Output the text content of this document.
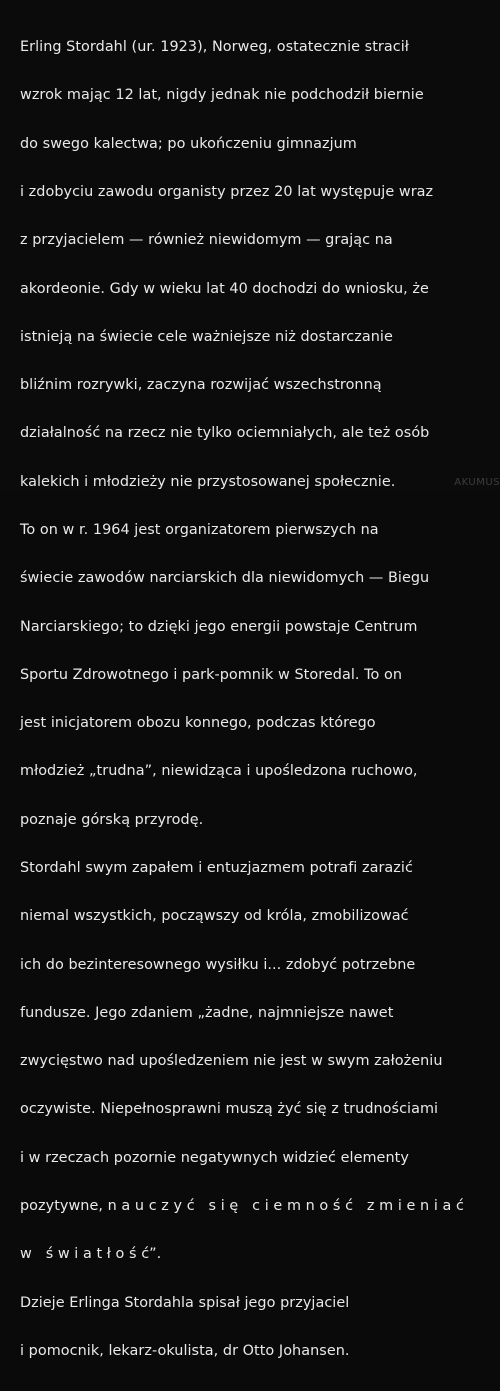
Erling Stordahl (ur. 1923), Norweg, ostatecznie stracił

wzrok mając 12 lat, nigdy jednak nie podchodził biernie

do swego kalectwa; po ukończeniu gimnazjum

i zdobyciu zawodu organisty przez 20 lat występuje wraz

z przyjacielem — również niewidomym — grając na

akordeonie. Gdy w wieku lat 40 dochodzi do wniosku, że

istnieją na świecie cele ważniejsze niż dostarczanie

bliźnim rozrywki, zaczyna rozwijać wszechstronną

działalność na rzecz nie tylko ociemniałych, ale też osób

kalekich i młodzieży nie przystosowanej społecznie.

To on w r. 1964 jest organizatorem pierwszych na

świecie zawodów narciarskich dla niewidomych — Biegu

Narciarskiego; to dzięki jego energii powstaje Centrum

Sportu Zdrowotnego i park-pomnik w Storedal. To on

jest inicjatorem obozu konnego, podczas którego

młodzież „trudna”, niewidząca i upośledzona ruchowo,

poznaje górską przyrodę.

Stordahl swym zapałem i entuzjazmem potrafi zarazić

niemal wszystkich, począwszy od króla, zmobilizować

ich do bezinteresownego wysiłku i... zdobyć potrzebne

fundusze. Jego zdaniem „żadne, najmniejsze nawet

zwycięstwo nad upośledzeniem nie jest w swym założeniu

oczywiste. Niepełnosprawni muszą żyć się z trudnościami

i w rzeczach pozornie negatywnych widzieć elementy

pozytywne, n a u c z y ć   s i ę   c i e m n o ś ć   z m i e n i a ć

w   ś w i a t ł o ś ć”.

Dzieje Erlinga Stordahla spisał jego przyjaciel

i pomocnik, lekarz-okulista, dr Otto Johansen.

AKUMUS
